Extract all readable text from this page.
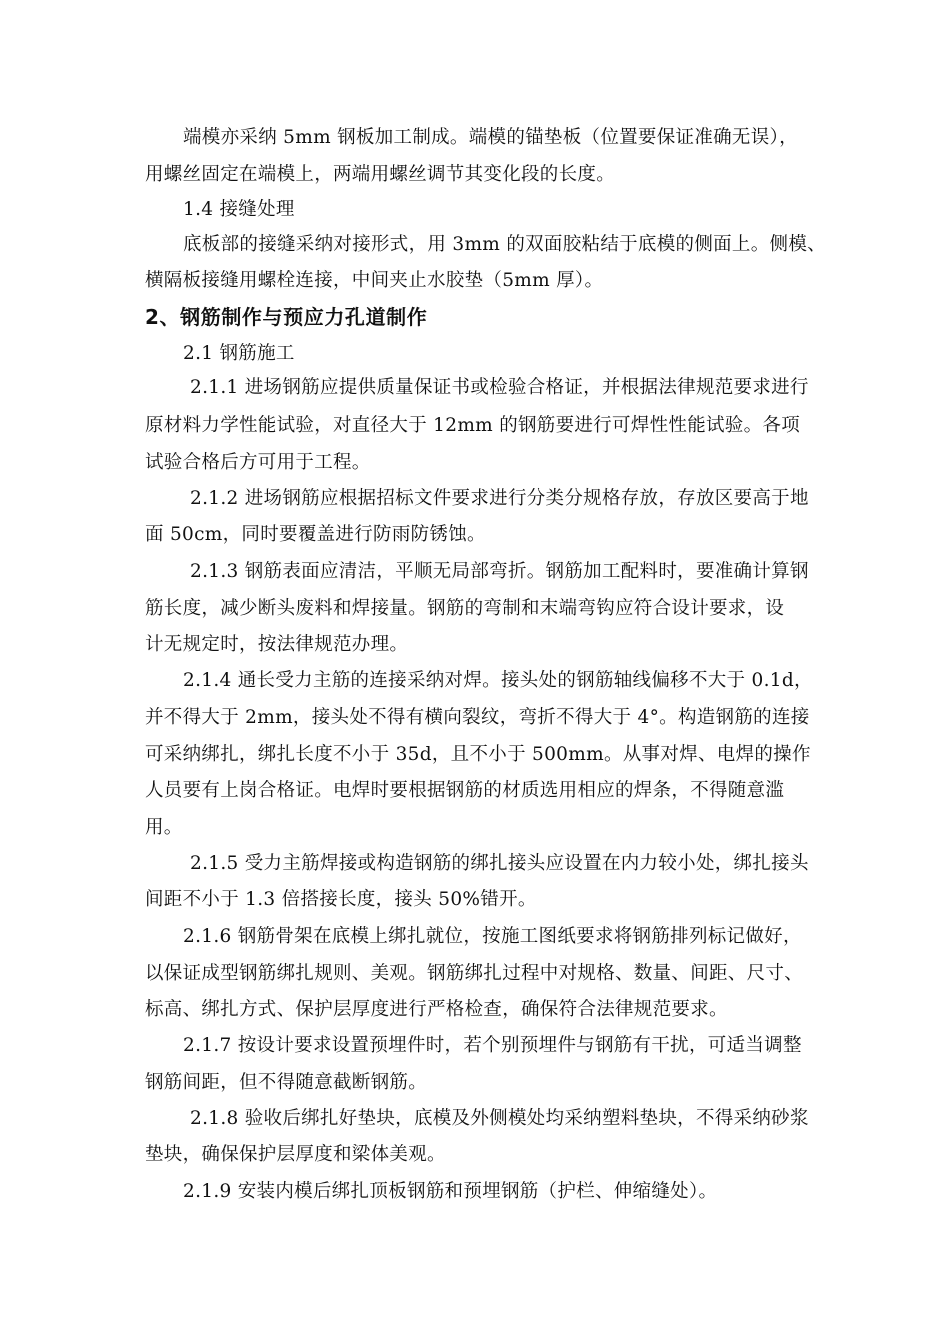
端模亦采纳 5mm 钢板加工制成。端模的锚垫板（位置要保证准确无误），
用螺丝固定在端模上，两端用螺丝调节其变化段的长度。
1.4 接缝处理
底板部的接缝采纳对接形式，用 3mm 的双面胶粘结于底模的侧面上。侧模、
横隔板接缝用螺栓连接，中间夹止水胶垫（5mm 厚）。
2、钢筋制作与预应力孔道制作
2.1 钢筋施工
2.1.1 进场钢筋应提供质量保证书或检验合格证，并根据法律规范要求进行
原材料力学性能试验，对直径大于 12mm 的钢筋要进行可焊性性能试验。各项
试验合格后方可用于工程。
2.1.2 进场钢筋应根据招标文件要求进行分类分规格存放，存放区要高于地
面 50cm，同时要覆盖进行防雨防锈蚀。
2.1.3 钢筋表面应清洁，平顺无局部弯折。钢筋加工配料时，要准确计算钢
筋长度，减少断头废料和焊接量。钢筋的弯制和末端弯钩应符合设计要求，设
计无规定时，按法律规范办理。
2.1.4 通长受力主筋的连接采纳对焊。接头处的钢筋轴线偏移不大于 0.1d，
并不得大于 2mm，接头处不得有横向裂纹，弯折不得大于 4°。构造钢筋的连接
可采纳绑扎，绑扎长度不小于 35d，且不小于 500mm。从事对焊、电焊的操作
人员要有上岗合格证。电焊时要根据钢筋的材质选用相应的焊条，不得随意滥
用。
2.1.5 受力主筋焊接或构造钢筋的绑扎接头应设置在内力较小处，绑扎接头
间距不小于 1.3 倍搭接长度，接头 50%错开。
2.1.6 钢筋骨架在底模上绑扎就位，按施工图纸要求将钢筋排列标记做好，
以保证成型钢筋绑扎规则、美观。钢筋绑扎过程中对规格、数量、间距、尺寸、
标高、绑扎方式、保护层厚度进行严格检查，确保符合法律规范要求。
2.1.7 按设计要求设置预埋件时，若个别预埋件与钢筋有干扰，可适当调整
钢筋间距，但不得随意截断钢筋。
2.1.8 验收后绑扎好垫块，底模及外侧模处均采纳塑料垫块，不得采纳砂浆
垫块，确保保护层厚度和梁体美观。
2.1.9 安装内模后绑扎顶板钢筋和预埋钢筋（护栏、伸缩缝处）。
